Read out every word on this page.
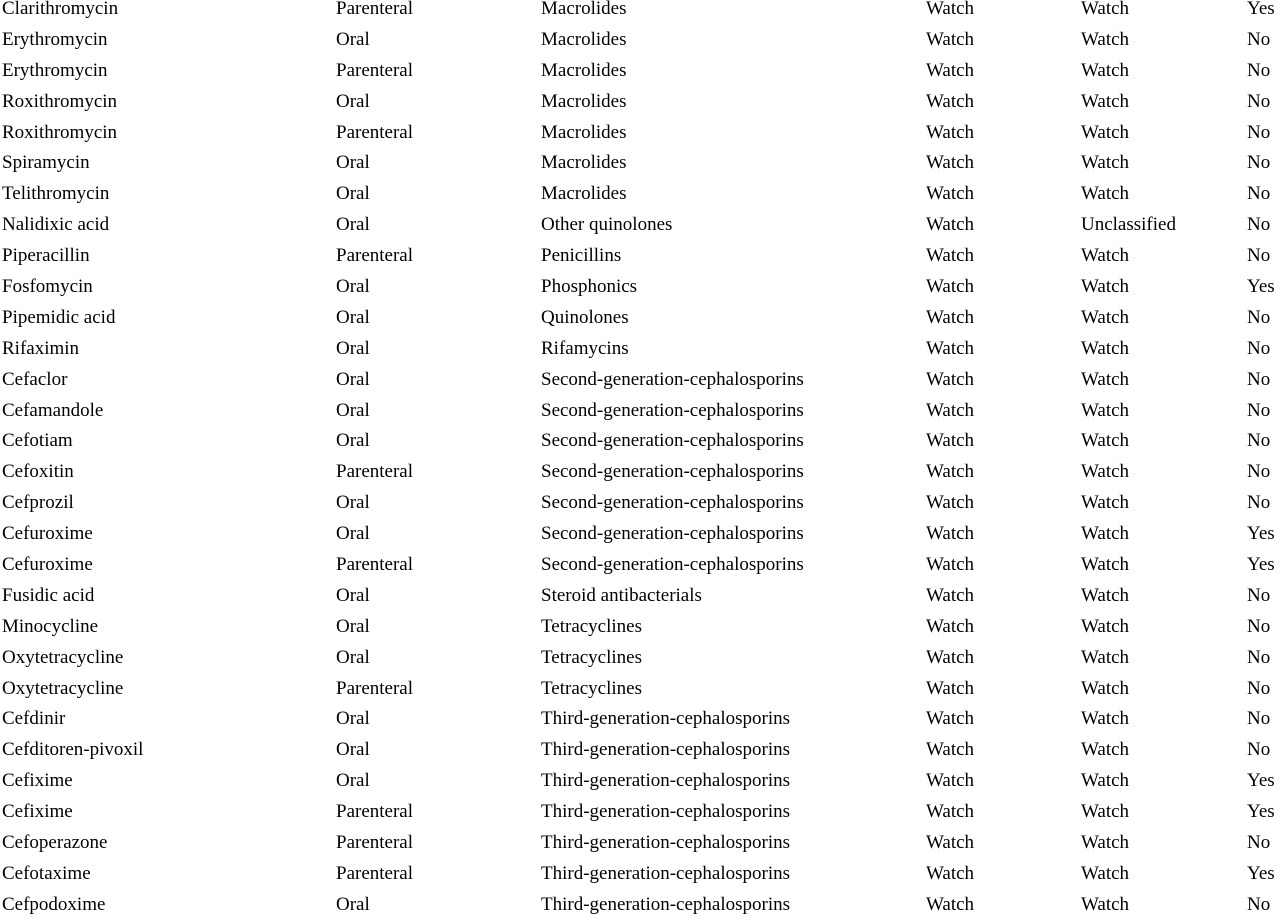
Clarithromycin	Parenteral	Macrolides	Watch	Watch	Yes
Erythromycin	Oral	Macrolides	Watch	Watch	No
Erythromycin	Parenteral	Macrolides	Watch	Watch	No
Roxithromycin	Oral	Macrolides	Watch	Watch	No
Roxithromycin	Parenteral	Macrolides	Watch	Watch	No
Spiramycin	Oral	Macrolides	Watch	Watch	No
Telithromycin	Oral	Macrolides	Watch	Watch	No
Nalidixic acid	Oral	Other quinolones	Watch	Unclassified	No
Piperacillin	Parenteral	Penicillins	Watch	Watch	No
Fosfomycin	Oral	Phosphonics	Watch	Watch	Yes
Pipemidic acid	Oral	Quinolones	Watch	Watch	No
Rifaximin	Oral	Rifamycins	Watch	Watch	No
Cefaclor	Oral	Second-generation-cephalosporins	Watch	Watch	No
Cefamandole	Oral	Second-generation-cephalosporins	Watch	Watch	No
Cefotiam	Oral	Second-generation-cephalosporins	Watch	Watch	No
Cefoxitin	Parenteral	Second-generation-cephalosporins	Watch	Watch	No
Cefprozil	Oral	Second-generation-cephalosporins	Watch	Watch	No
Cefuroxime	Oral	Second-generation-cephalosporins	Watch	Watch	Yes
Cefuroxime	Parenteral	Second-generation-cephalosporins	Watch	Watch	Yes
Fusidic acid	Oral	Steroid antibacterials	Watch	Watch	No
Minocycline	Oral	Tetracyclines	Watch	Watch	No
Oxytetracycline	Oral	Tetracyclines	Watch	Watch	No
Oxytetracycline	Parenteral	Tetracyclines	Watch	Watch	No
Cefdinir	Oral	Third-generation-cephalosporins	Watch	Watch	No
Cefditoren-pivoxil	Oral	Third-generation-cephalosporins	Watch	Watch	No
Cefixime	Oral	Third-generation-cephalosporins	Watch	Watch	Yes
Cefixime	Parenteral	Third-generation-cephalosporins	Watch	Watch	Yes
Cefoperazone	Parenteral	Third-generation-cephalosporins	Watch	Watch	No
Cefotaxime	Parenteral	Third-generation-cephalosporins	Watch	Watch	Yes
Cefpodoxime	Oral	Third-generation-cephalosporins	Watch	Watch	No
